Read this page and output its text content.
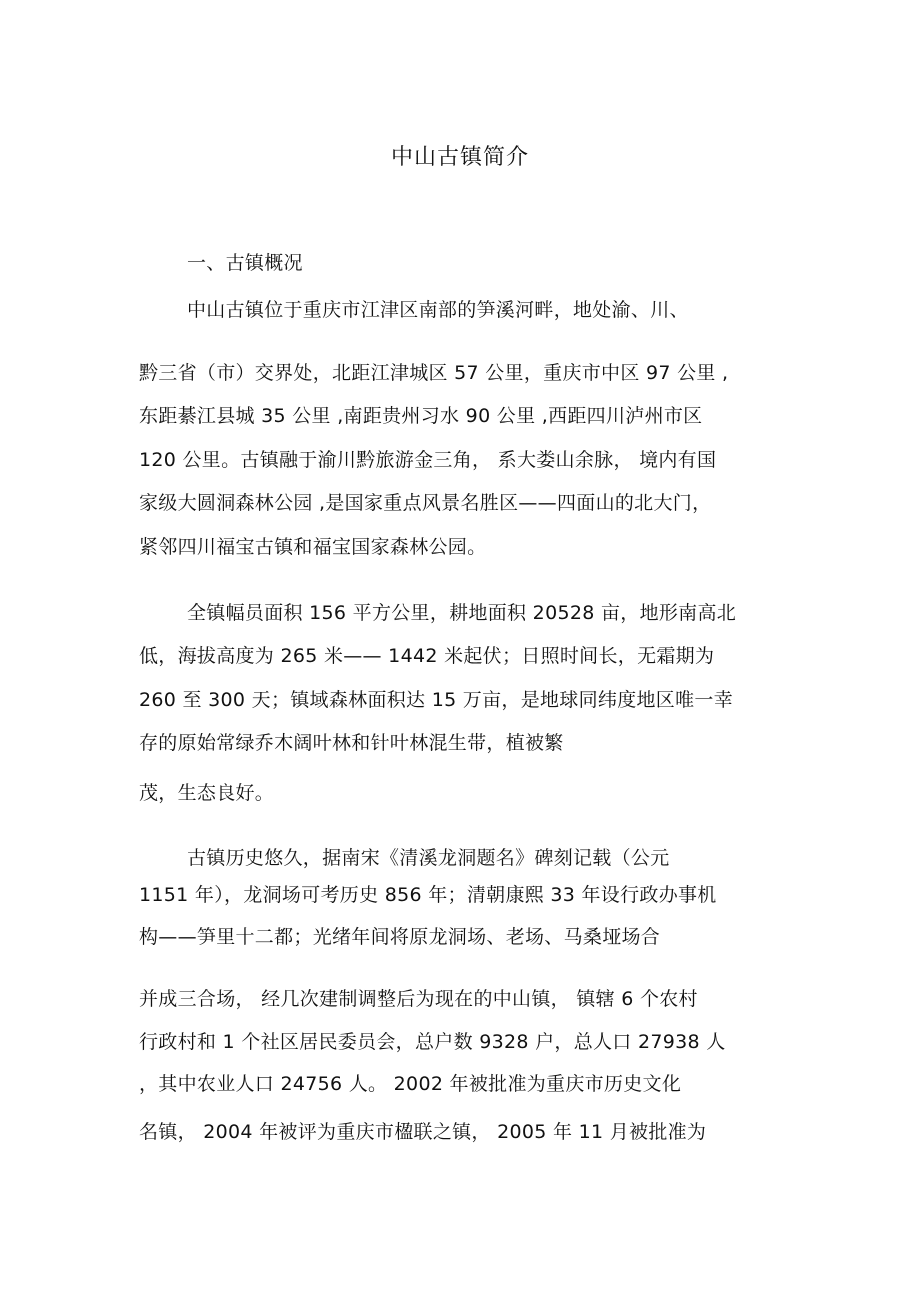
中山古镇简介
一、古镇概况
中山古镇位于重庆市江津区南部的笋溪河畔，地处渝、川、
黔三省（市）交界处，北距江津城区 57 公里，重庆市中区 97 公里 ,
东距綦江县城 35 公里 ,南距贵州习水 90 公里 ,西距四川泸州市区
120 公里。古镇融于渝川黔旅游金三角， 系大娄山余脉， 境内有国
家级大圆洞森林公园 ,是国家重点风景名胜区——四面山的北大门，
紧邻四川福宝古镇和福宝国家森林公园。
全镇幅员面积 156 平方公里，耕地面积 20528 亩，地形南高北
低，海拔高度为 265 米—— 1442 米起伏；日照时间长，无霜期为
260 至 300 天；镇域森林面积达 15 万亩，是地球同纬度地区唯一幸
存的原始常绿乔木阔叶林和针叶林混生带，植被繁
茂，生态良好。
古镇历史悠久，据南宋《清溪龙洞题名》碑刻记载（公元
1151 年），龙洞场可考历史 856 年；清朝康熙 33 年设行政办事机
构——笋里十二都；光绪年间将原龙洞场、老场、马桑垭场合
并成三合场， 经几次建制调整后为现在的中山镇， 镇辖 6 个农村
行政村和 1 个社区居民委员会，总户数 9328 户，总人口 27938 人
，其中农业人口 24756 人。 2002 年被批准为重庆市历史文化
名镇， 2004 年被评为重庆市楹联之镇， 2005 年 11 月被批准为
